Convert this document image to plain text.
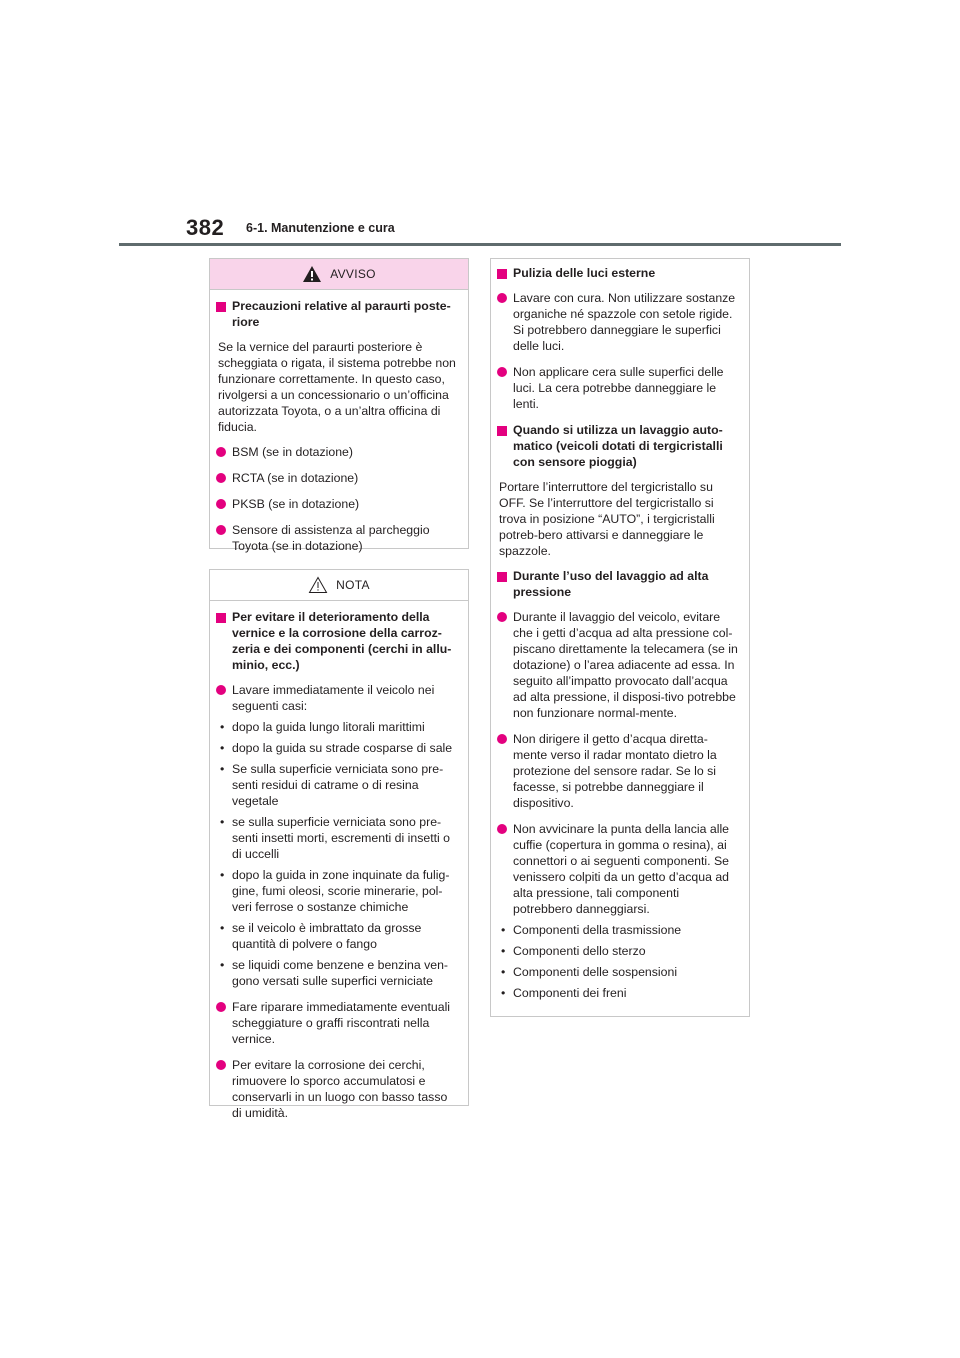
382 6-1. Manutenzione e cura
AVVISO
Precauzioni relative al paraurti poste-riore
Se la vernice del paraurti posteriore è scheggiata o rigata, il sistema potrebbe non funzionare correttamente. In questo caso, rivolgersi a un concessionario o un’officina autorizzata Toyota, o a un’altra officina di fiducia.
BSM (se in dotazione)
RCTA (se in dotazione)
PKSB (se in dotazione)
Sensore di assistenza al parcheggio Toyota (se in dotazione)
NOTA
Per evitare il deterioramento della vernice e la corrosione della carroz-zeria e dei componenti (cerchi in allu-minio, ecc.)
Lavare immediatamente il veicolo nei seguenti casi:
• dopo la guida lungo litorali marittimi
• dopo la guida su strade cosparse di sale
• Se sulla superficie verniciata sono pre-senti residui di catrame o di resina vegetale
• se sulla superficie verniciata sono pre-senti insetti morti, escrementi di insetti o di uccelli
• dopo la guida in zone inquinate da fulig-gine, fumi oleosi, scorie minerarie, pol-veri ferrose o sostanze chimiche
• se il veicolo è imbrattato da grosse quantità di polvere o fango
• se liquidi come benzene e benzina ven-gono versati sulle superfici verniciate
Fare riparare immediatamente eventuali scheggiature o graffi riscontrati nella vernice.
Per evitare la corrosione dei cerchi, rimuovere lo sporco accumulatosi e conservarli in un luogo con basso tasso di umidità.
Pulizia delle luci esterne
Lavare con cura. Non utilizzare sostanze organiche né spazzole con setole rigide. Si potrebbero danneggiare le superfici delle luci.
Non applicare cera sulle superfici delle luci. La cera potrebbe danneggiare le lenti.
Quando si utilizza un lavaggio auto-matico (veicoli dotati di tergicristalli con sensore pioggia)
Portare l’interruttore del tergicristallo su OFF. Se l’interruttore del tergicristallo si trova in posizione “AUTO”, i tergicristalli potreb-bero attivarsi e danneggiare le spazzole.
Durante l’uso del lavaggio ad alta pressione
Durante il lavaggio del veicolo, evitare che i getti d’acqua ad alta pressione col-piscano direttamente la telecamera (se in dotazione) o l’area adiacente ad essa. In seguito all’impatto provocato dall’acqua ad alta pressione, il disposi-tivo potrebbe non funzionare normal-mente.
Non dirigere il getto d’acqua diretta-mente verso il radar montato dietro la protezione del sensore radar. Se lo si facesse, si potrebbe danneggiare il dispositivo.
Non avvicinare la punta della lancia alle cuffie (copertura in gomma o resina), ai connettori o ai seguenti componenti. Se venissero colpiti da un getto d’acqua ad alta pressione, tali componenti potrebbero danneggiarsi.
• Componenti della trasmissione
• Componenti dello sterzo
• Componenti delle sospensioni
• Componenti dei freni
